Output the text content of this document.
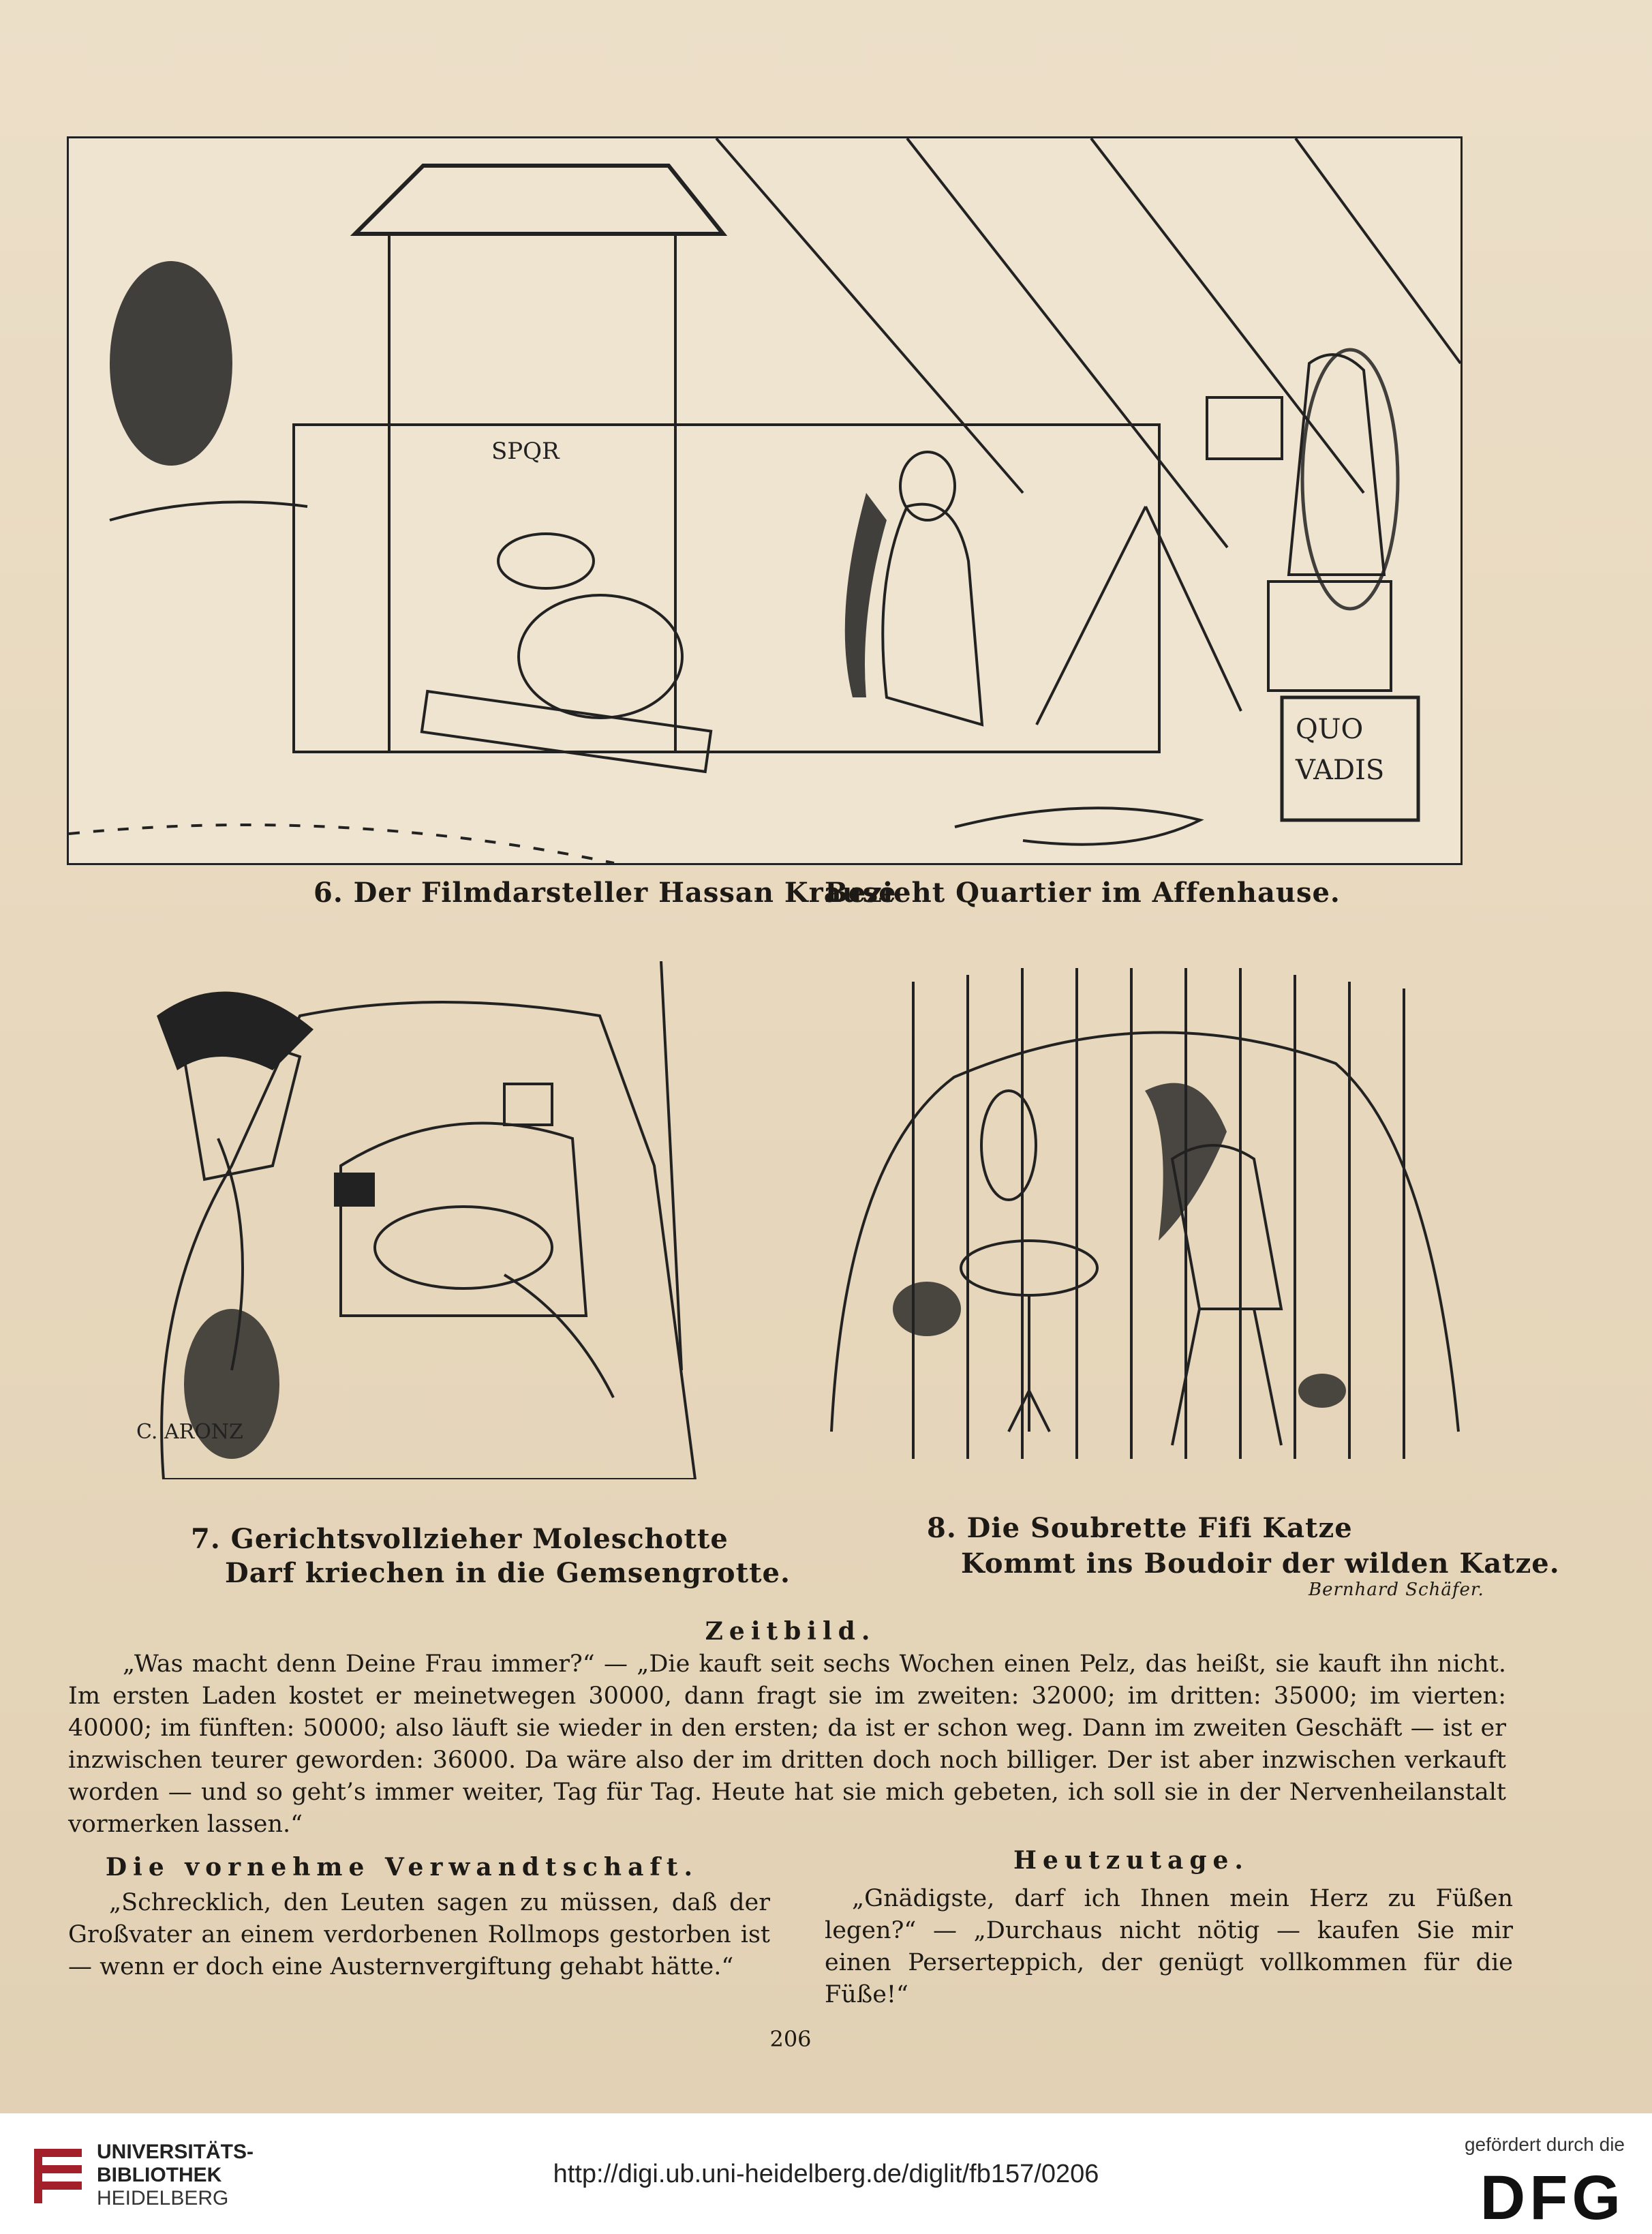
SPQR
QUO
VADIS
6. Der Filmdarsteller Hassan Krause
Bezieht Quartier im Affenhause.
C. ARONZ
7. Gerichtsvollzieher Moleschotte
Darf kriechen in die Gemsengrotte.
8. Die Soubrette Fifi Katze
Kommt ins Boudoir der wilden Katze.
Bernhard Schäfer.
Zeitbild.
„Was macht denn Deine Frau immer?“ — „Die kauft seit sechs Wochen einen Pelz, das heißt, sie kauft ihn nicht. Im ersten Laden kostet er meinetwegen 30000, dann fragt sie im zweiten: 32000; im dritten: 35000; im vierten: 40000; im fünften: 50000; also läuft sie wieder in den ersten; da ist er schon weg. Dann im zweiten Geschäft — ist er inzwischen teurer geworden: 36000. Da wäre also der im dritten doch noch billiger. Der ist aber inzwischen verkauft worden — und so geht’s immer weiter, Tag für Tag. Heute hat sie mich gebeten, ich soll sie in der Nervenheilanstalt vormerken lassen.“
Die vornehme Verwandtschaft.
„Schrecklich, den Leuten sagen zu müssen, daß der Großvater an einem verdorbenen Rollmops gestorben ist — wenn er doch eine Austernvergiftung gehabt hätte.“
Heutzutage.
„Gnädigste, darf ich Ihnen mein Herz zu Füßen legen?“ — „Durchaus nicht nötig — kaufen Sie mir einen Perserteppich, der genügt vollkommen für die Füße!“
206
UNIVERSITÄTS-
BIBLIOTHEK
HEIDELBERG
http://digi.ub.uni-heidelberg.de/diglit/fb157/0206
gefördert durch die
DFG
